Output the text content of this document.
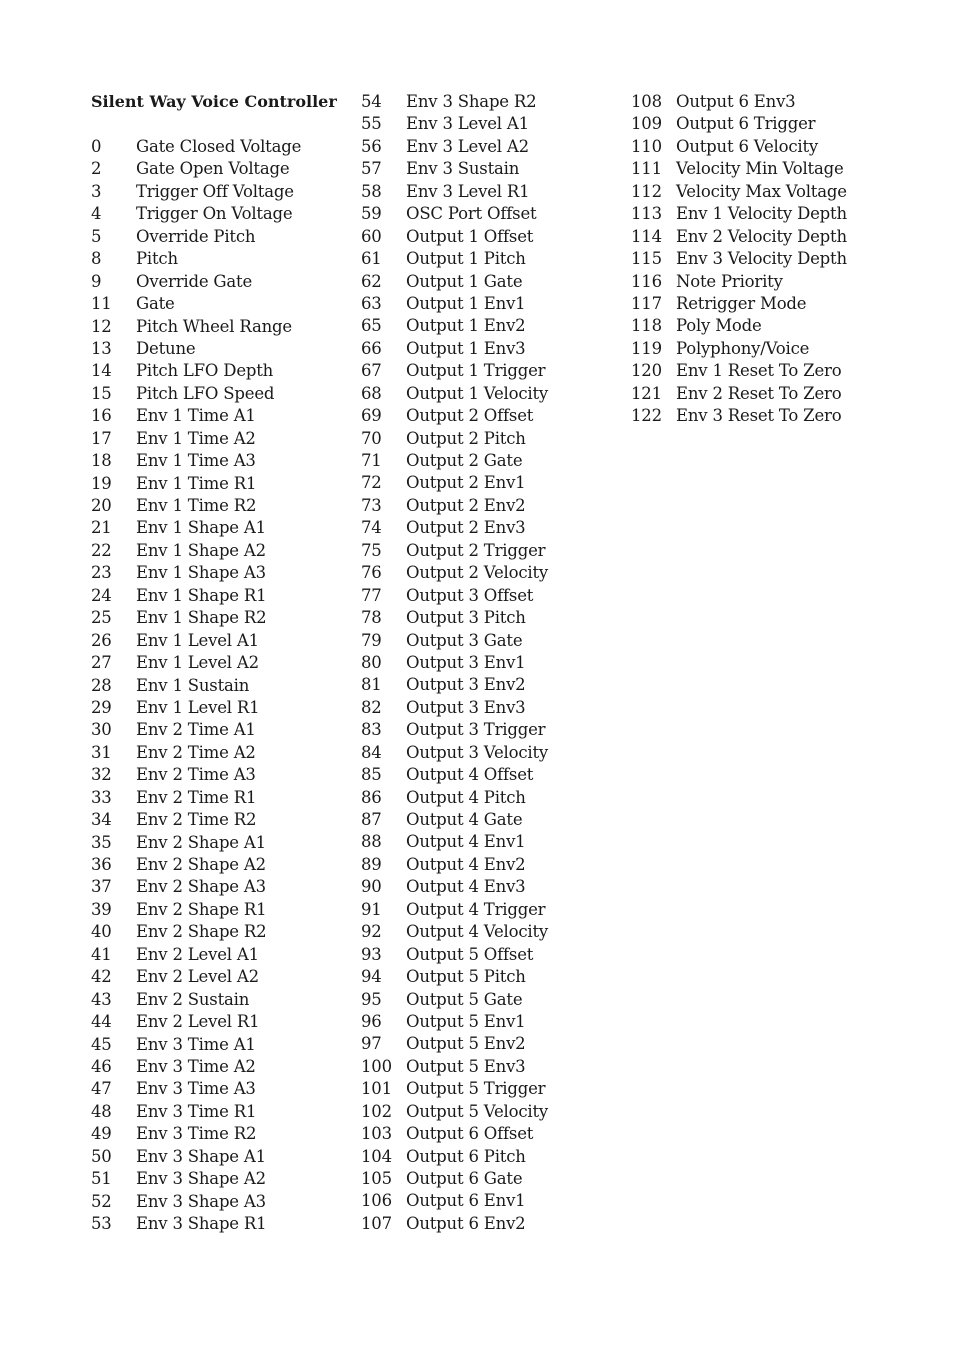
Silent Way Voice Controller
0	Gate Closed Voltage
2	Gate Open Voltage
3	Trigger Off Voltage
4	Trigger On Voltage
5	Override Pitch
8	Pitch
9	Override Gate
11	Gate
12	Pitch Wheel Range
13	Detune
14	Pitch LFO Depth
15	Pitch LFO Speed
16	Env 1 Time A1
17	Env 1 Time A2
18	Env 1 Time A3
19	Env 1 Time R1
20	Env 1 Time R2
21	Env 1 Shape A1
22	Env 1 Shape A2
23	Env 1 Shape A3
24	Env 1 Shape R1
25	Env 1 Shape R2
26	Env 1 Level A1
27	Env 1 Level A2
28	Env 1 Sustain
29	Env 1 Level R1
30	Env 2 Time A1
31	Env 2 Time A2
32	Env 2 Time A3
33	Env 2 Time R1
34	Env 2 Time R2
35	Env 2 Shape A1
36	Env 2 Shape A2
37	Env 2 Shape A3
39	Env 2 Shape R1
40	Env 2 Shape R2
41	Env 2 Level A1
42	Env 2 Level A2
43	Env 2 Sustain
44	Env 2 Level R1
45	Env 3 Time A1
46	Env 3 Time A2
47	Env 3 Time A3
48	Env 3 Time R1
49	Env 3 Time R2
50	Env 3 Shape A1
51	Env 3 Shape A2
52	Env 3 Shape A3
53	Env 3 Shape R1
54	Env 3 Shape R2
55	Env 3 Level A1
56	Env 3 Level A2
57	Env 3 Sustain
58	Env 3 Level R1
59	OSC Port Offset
60	Output 1 Offset
61	Output 1 Pitch
62	Output 1 Gate
63	Output 1 Env1
65	Output 1 Env2
66	Output 1 Env3
67	Output 1 Trigger
68	Output 1 Velocity
69	Output 2 Offset
70	Output 2 Pitch
71	Output 2 Gate
72	Output 2 Env1
73	Output 2 Env2
74	Output 2 Env3
75	Output 2 Trigger
76	Output 2 Velocity
77	Output 3 Offset
78	Output 3 Pitch
79	Output 3 Gate
80	Output 3 Env1
81	Output 3 Env2
82	Output 3 Env3
83	Output 3 Trigger
84	Output 3 Velocity
85	Output 4 Offset
86	Output 4 Pitch
87	Output 4 Gate
88	Output 4 Env1
89	Output 4 Env2
90	Output 4 Env3
91	Output 4 Trigger
92	Output 4 Velocity
93	Output 5 Offset
94	Output 5 Pitch
95	Output 5 Gate
96	Output 5 Env1
97	Output 5 Env2
100 Output 5 Env3
101 Output 5 Trigger
102 Output 5 Velocity
103 Output 6 Offset
104 Output 6 Pitch
105 Output 6 Gate
106 Output 6 Env1
107 Output 6 Env2
108 Output 6 Env3
109 Output 6 Trigger
110 Output 6 Velocity
111 Velocity Min Voltage
112 Velocity Max Voltage
113 Env 1 Velocity Depth
114 Env 2 Velocity Depth
115 Env 3 Velocity Depth
116 Note Priority
117 Retrigger Mode
118 Poly Mode
119 Polyphony/Voice
120 Env 1 Reset To Zero
121 Env 2 Reset To Zero
122 Env 3 Reset To Zero
